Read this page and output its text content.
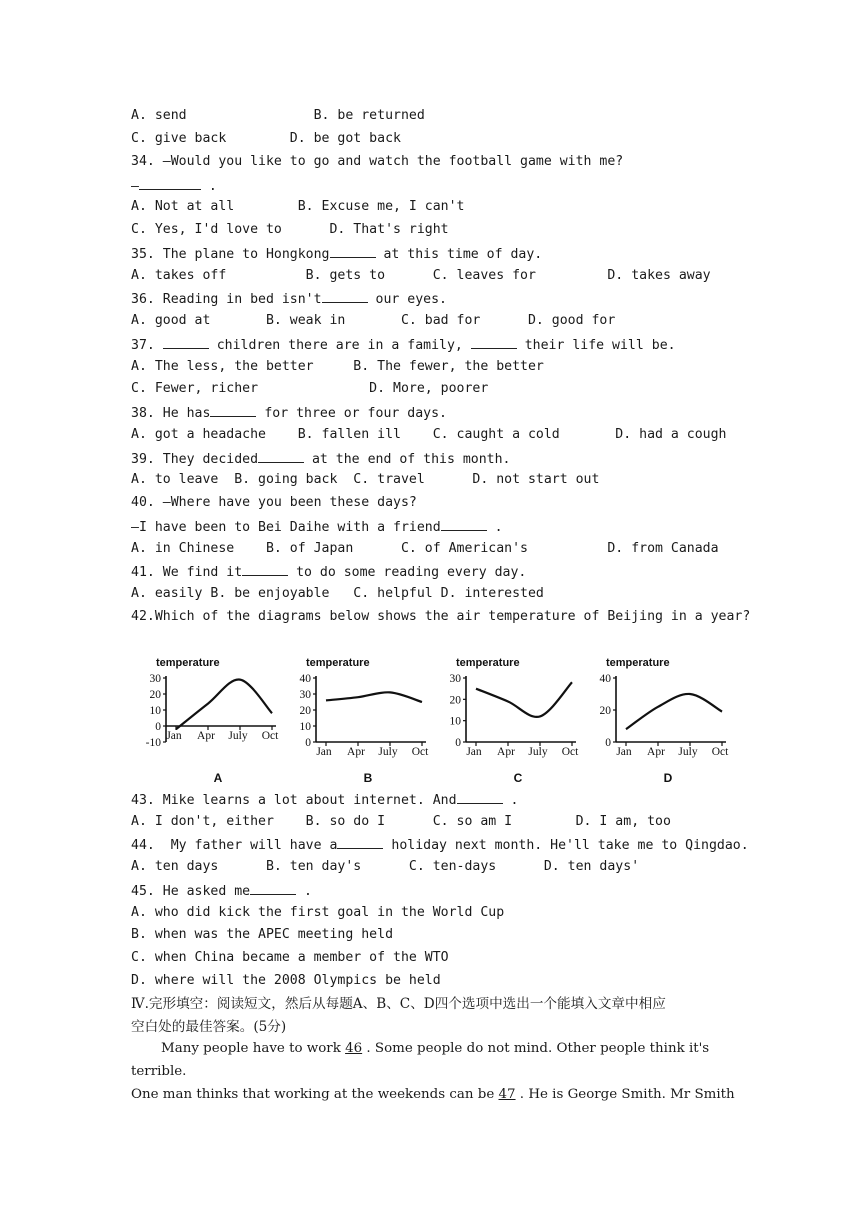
A. send                B. be returned
C. give back        D. be got back
34. —Would you like to go and watch the football game with me?
—	.
A. Not at all        B. Excuse me, I can't
C. Yes, I'd love to      D. That's right
35. The plane to Hongkong	at this time of day.
A. takes off          B. gets to      C. leaves for         D. takes away
36. Reading in bed isn't	our eyes.
A. good at       B. weak in       C. bad for      D. good for
37.	children there are in a family,	their life will be.
A. The less, the better     B. The fewer, the better
C. Fewer, richer              D. More, poorer
38. He has	for three or four days.
A. got a headache    B. fallen ill    C. caught a cold       D. had a cough
39. They decided	at the end of this month.
A. to leave  B. going back  C. travel      D. not start out
40. —Where have you been these days?
—I have been to Bei Daihe with a friend	.
A. in Chinese    B. of Japan      C. of American's          D. from Canada
41. We find it	to do some reading every day.
A. easily B. be enjoyable   C. helpful D. interested
42.Which of the diagrams below shows the air temperature of Beijing in a year?
temperature
30
20
10
0
-10
Jan Apr July Oct
A
temperature
40
30
20
10
0
Jan Apr July Oct
B
temperature
30
20
10
0
Jan Apr July Oct
C
temperature
40
20
0
Jan Apr July Oct
D
43. Mike learns a lot about internet. And	.
A. I don't, either    B. so do I      C. so am I        D. I am, too
44.  My father will have a	holiday next month. He'll take me to Qingdao.
A. ten days      B. ten day's      C. ten-days      D. ten days'
45. He asked me	.
A. who did kick the first goal in the World Cup
B. when was the APEC meeting held
C. when China became a member of the WTO
D. where will the 2008 Olympics be held
Ⅳ.完形填空：阅读短文，然后从每题A、B、C、D四个选项中选出一个能填入文章中相应
空白处的最佳答案。(5分)
Many people have to work 46 . Some people do not mind. Other people think it's
terrible.
One man thinks that working at the weekends can be 47 . He is George Smith. Mr Smith
